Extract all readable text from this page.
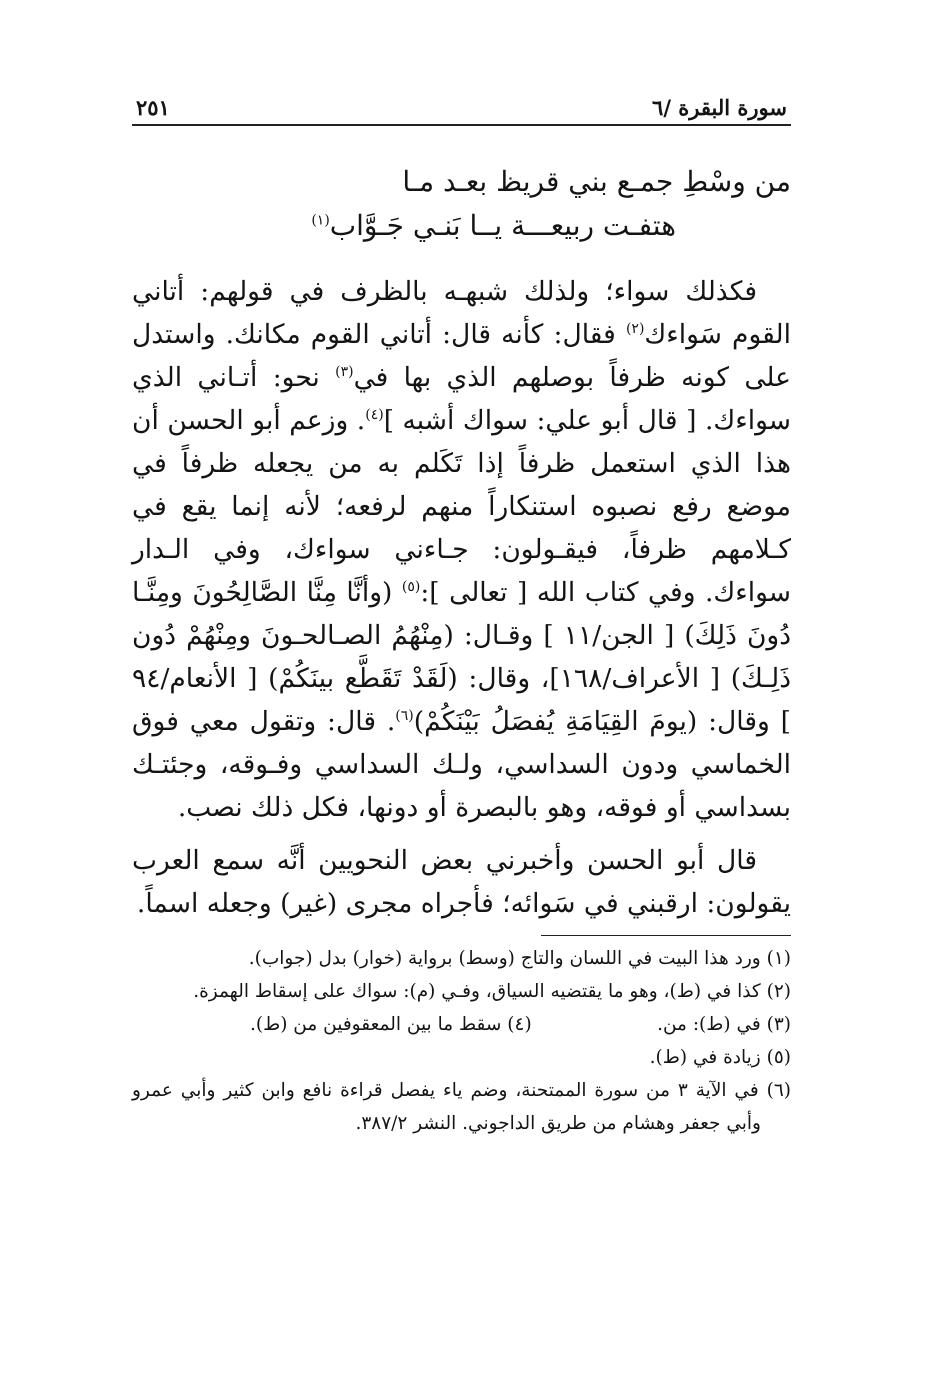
سورة البقرة /٦
٢٥١
من وسْطِ جمـع بني قريظ بعـد مـا
هتفـت ربيعـــة يــا بَنـي جَـوَّاب$^{(١)}$

فكذلك سواء؛ ولذلك شبهـه بالظرف في قولهم: أتاني القوم سَواءك$^{(٢)}$ فقال: كأنه قال: أتاني القوم مكانك. واستدل على كونه ظرفاً بوصلهم الذي بها في$^{(٣)}$ نحو: أتـاني الذي سواءك. [ قال أبو علي: سواك أشبه ]$^{(٤)}$. وزعم أبو الحسن أن هذا الذي استعمل ظرفاً إذا تَكَلم به من يجعله ظرفاً في موضع رفع نصبوه استنكاراً منهم لرفعه؛ لأنه إنما يقع في كـلامهم ظرفاً، فيقـولون: جـاءني سواءك، وفي الـدار سواءك. وفي كتاب الله [ تعالى ]:$^{(٥)}$ (وأنَّا مِنَّا الصَّالِحُونَ ومِنَّـا دُونَ ذَلِكَ) [ الجن/١١ ] وقـال: (مِنْهُمُ الصـالحـونَ ومِنْهُمْ دُون ذَلِـكَ) [ الأعراف/١٦٨]، وقال: (لَقَدْ تَقَطَّع بينَكُمْ) [ الأنعام/٩٤ ] وقال: (يومَ القِيَامَةِ يُفصَلُ بَيْنَكُمْ)$^{(٦)}$. قال: وتقول معي فوق الخماسي ودون السداسي، ولـك السداسي وفـوقه، وجئتـك بسداسي أو فوقه، وهو بالبصرة أو دونها، فكل ذلك نصب.

قال أبو الحسن وأخبرني بعض النحويين أنَّه سمع العرب يقولون: ارقبني في سَوائه؛ فأجراه مجرى (غير) وجعله اسماً.

(١) ورد هذا البيت في اللسان والتاج (وسط) برواية (خوار) بدل (جواب).

(٢) كذا في (ط)، وهو ما يقتضيه السياق، وفـي (م): سواك على إسقاط الهمزة.

(٣) في (ط): من.

(٤) سقط ما بين المعقوفين من (ط).

(٥) زيادة في (ط).

(٦) في الآية ٣ من سورة الممتحنة، وضم ياء يفصل قراءة نافع وابن كثير وأبي عمرو وأبي جعفر وهشام من طريق الداجوني. النشر ٣٨٧/٢.
